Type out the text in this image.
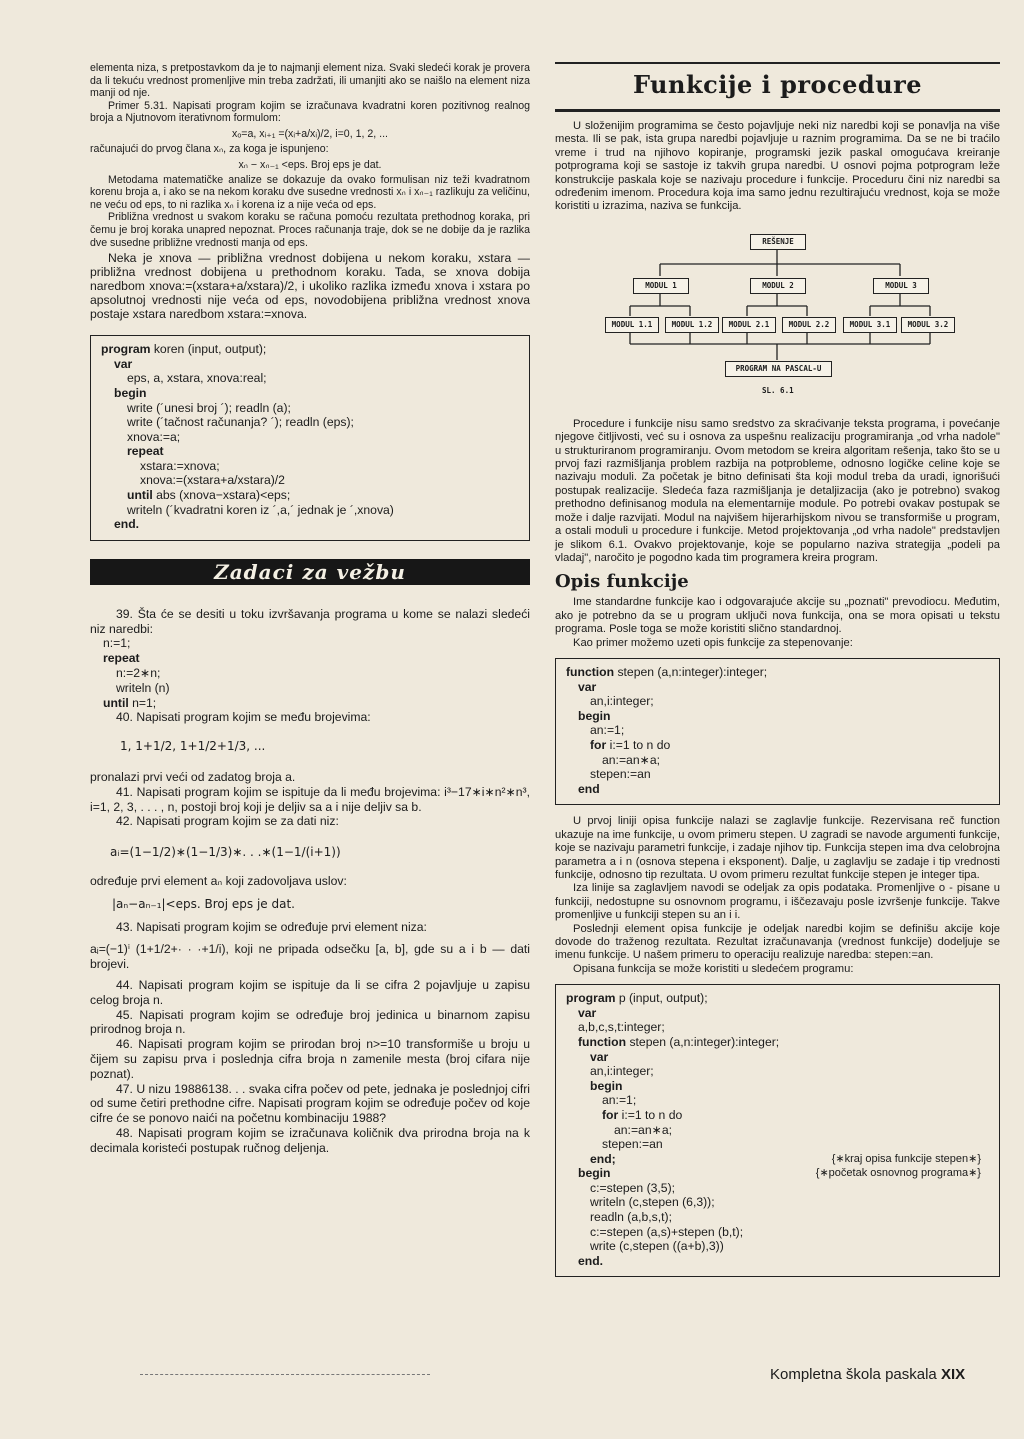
elementa niza, s pretpostavkom da je to najmanji element niza. Svaki sledeći korak je provera da li tekuću vrednost promenljive min treba zadržati, ili umanjiti ako se naišlo na element niza manji od nje.

Primer 5.31. Napisati program kojim se izračunava kvadratni koren pozitivnog realnog broja a Njutnovom iterativnom formulom:

xₒ=a, xᵢ₊₁ =(xᵢ+a/xᵢ)/2, i=0, 1, 2, ...

računajući do prvog člana xₙ, za koga je ispunjeno:

xₙ − xₙ₋₁ <eps. Broj eps je dat.

Metodama matematičke analize se dokazuje da ovako formulisan niz teži kvadratnom korenu broja a, i ako se na nekom koraku dve susedne vrednosti xₙ i xₙ₋₁ razlikuju za veličinu, ne veću od eps, to ni razlika xₙ i korena iz a nije veća od eps.

Približna vrednost u svakom koraku se računa pomoću rezultata prethodnog koraka, pri čemu je broj koraka unapred nepoznat. Proces računanja traje, dok se ne dobije da je razlika dve susedne približne vrednosti manja od eps.

Neka je xnova — približna vrednost dobijena u nekom koraku, xstara — približna vrednost dobijena u prethodnom koraku. Tada, se xnova dobija naredbom xnova:=(xstara+a/xstara)/2, i ukoliko razlika između xnova i xstara po apsolutnoj vrednosti nije veća od eps, novodobijena približna vrednost xnova postaje xstara naredbom xstara:=xnova.

program koren (input, output);
var
eps, a, xstara, xnova:real;
begin
write (´unesi broj ´); readln (a);
write (´tačnost računanja? ´); readln (eps);
xnova:=a;
repeat
xstara:=xnova;
xnova:=(xstara+a/xstara)/2
until abs (xnova−xstara)<eps;
writeln (´kvadratni koren iz ´,a,´ jednak je ´,xnova)
end.
Zadaci za vežbu

39. Šta će se desiti u toku izvršavanja programa u kome se nalazi sledeći niz naredbi:

n:=1;
repeat
n:=2∗n;
writeln (n)
until n=1;

40. Napisati program kojim se među brojevima:

1, 1+1/2, 1+1/2+1/3, ...

pronalazi prvi veći od zadatog broja a.

41. Napisati program kojim se ispituje da li među brojevima: i³−17∗i∗n²∗n³, i=1, 2, 3, . . . , n, postoji broj koji je deljiv sa a i nije deljiv sa b.

42. Napisati program kojim se za dati niz:

aᵢ=(1−1/2)∗(1−1/3)∗. . .∗(1−1/(i+1))

određuje prvi element aₙ koji zadovoljava uslov:

|aₙ−aₙ₋₁|<eps. Broj eps je dat.

43. Napisati program kojim se određuje prvi element niza:

aᵢ=(−1)ⁱ (1+1/2+· · ·+1/i), koji ne pripada odsečku [a, b], gde su a i b — dati brojevi.

44. Napisati program kojim se ispituje da li se cifra 2 pojavljuje u zapisu celog broja n.

45. Napisati program kojim se određuje broj jedinica u binarnom zapisu prirodnog broja n.

46. Napisati program kojim se prirodan broj n>=10 transformiše u broju u čijem su zapisu prva i poslednja cifra broja n zamenile mesta (broj cifara nije poznat).

47. U nizu 19886138. . . svaka cifra počev od pete, jednaka je poslednjoj cifri od sume četiri prethodne cifre. Napisati program kojim se određuje počev od koje cifre će se ponovo naići na početnu kombinaciju 1988?

48. Napisati program kojim se izračunava količnik dva prirodna broja na k decimala koristeći postupak ručnog deljenja.

Funkcije i procedure

U složenijim programima se često pojavljuje neki niz naredbi koji se ponavlja na više mesta. Ili se pak, ista grupa naredbi pojavljuje u raznim programima. Da se ne bi traćilo vreme i trud na njihovo kopiranje, programski jezik paskal omogućava kreiranje potprograma koji se sastoje iz takvih grupa naredbi. U osnovi pojma potprogram leže konstrukcije paskala koje se nazivaju procedure i funkcije. Proceduru čini niz naredbi sa određenim imenom. Procedura koja ima samo jednu rezultirajuću vrednost, koja se može koristiti u izrazima, naziva se funkcija.

REŠENJE
MODUL 1	MODUL 2	MODUL 3
MODUL 1.1	MODUL 1.2	MODUL 2.1	MODUL 2.2	MODUL 3.1	MODUL 3.2
PROGRAM NA PASCAL-U
SL. 6.1

Procedure i funkcije nisu samo sredstvo za skraćivanje teksta programa, i povećanje njegove čitljivosti, već su i osnova za uspešnu realizaciju programiranja „od vrha nadole" u strukturiranom programiranju. Ovom metodom se kreira algoritam rešenja, tako što se u prvoj fazi razmišljanja problem razbija na potprobleme, odnosno logičke celine koje se nazivaju moduli. Za početak je bitno definisati šta koji modul treba da uradi, ignorišući postupak realizacije. Sledeća faza razmišljanja je detaljizacija (ako je potrebno) svakog prethodno definisanog modula na elementarnije module. Po potrebi ovakav postupak se može i dalje razvijati. Modul na najvišem hijerarhijskom nivou se transformiše u program, a ostali moduli u procedure i funkcije. Metod projektovanja „od vrha nadole" predstavljen je slikom 6.1. Ovakvo projektovanje, koje se popularno naziva strategija „podeli pa vladaj", naročito je pogodno kada tim programera kreira program.

Opis funkcije

Ime standardne funkcije kao i odgovarajuće akcije su „poznati" prevodiocu. Međutim, ako je potrebno da se u program uključi nova funkcija, ona se mora opisati u tekstu programa. Posle toga se može koristiti slično standardnoj.

Kao primer možemo uzeti opis funkcije za stepenovanje:

function stepen (a,n:integer):integer;
var
an,i:integer;
begin
an:=1;
for i:=1 to n do
an:=an∗a;
stepen:=an
end

U prvoj liniji opisa funkcije nalazi se zaglavlje funkcije. Rezervisana reč function ukazuje na ime funkcije, u ovom primeru stepen. U zagradi se navode argumenti funkcije, koje se nazivaju parametri funkcije, i zadaje njihov tip. Funkcija stepen ima dva celobrojna parametra a i n (osnova stepena i eksponent). Dalje, u zaglavlju se zadaje i tip vrednosti funkcije, odnosno tip rezultata. U ovom primeru rezultat funkcije stepen je integer tipa.

Iza linije sa zaglavljem navodi se odeljak za opis podataka. Promenljive o - pisane u funkciji, nedostupne su osnovnom programu, i iščezavaju posle izvršenje funkcije. Takve promenljive u funkciji stepen su an i i.

Poslednji element opisa funkcije je odeljak naredbi kojim se definišu akcije koje dovode do traženog rezultata. Rezultat izračunavanja (vrednost funkcije) dodeljuje se imenu funkcije. U našem primeru to operaciju realizuje naredba: stepen:=an.

Opisana funkcija se može koristiti u sledećem programu:

program p (input, output);
var
a,b,c,s,t:integer;
function stepen (a,n:integer):integer;
var
an,i:integer;
begin
an:=1;
for i:=1 to n do
an:=an∗a;
stepen:=an
end;	{∗kraj opisa funkcije stepen∗}
begin	{∗početak osnovnog programa∗}
c:=stepen (3,5);
writeln (c,stepen (6,3));
readln (a,b,s,t);
c:=stepen (a,s)+stepen (b,t);
write (c,stepen ((a+b),3))
end.
Kompletna škola paskala XIX
